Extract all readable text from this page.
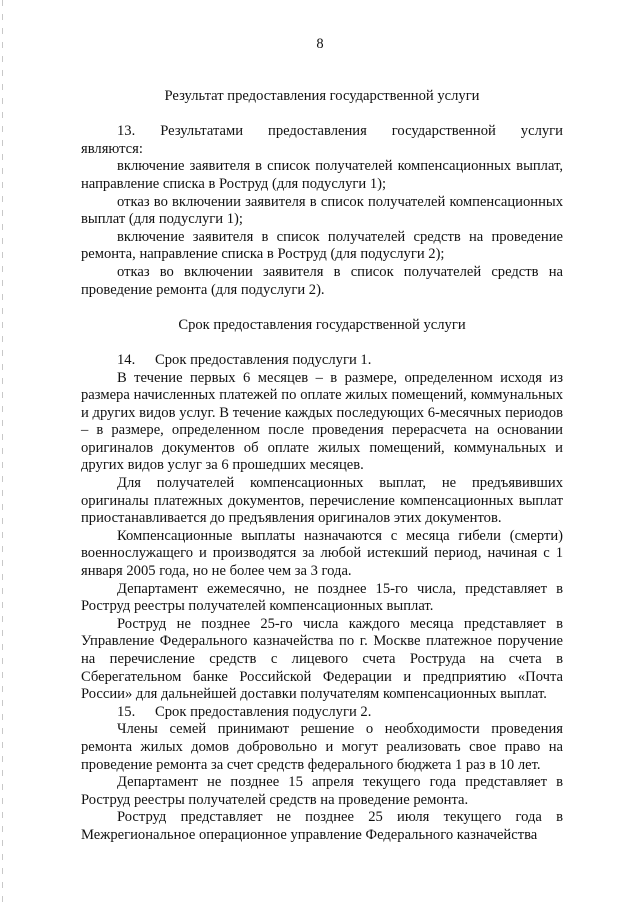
8

Результат предоставления государственной услуги

13. Результатами предоставления государственной услуги

являются:

включение заявителя в список получателей компенсационных выплат, направление списка в Роструд (для подуслуги 1);

отказ во включении заявителя в список получателей компенсационных выплат (для подуслуги 1);

включение заявителя в список получателей средств на проведение ремонта, направление списка в Роструд (для подуслуги 2);

отказ во включении заявителя в список получателей средств на проведение ремонта (для подуслуги 2).

Срок предоставления государственной услуги

14.	Срок предоставления подуслуги 1.

В течение первых 6 месяцев – в размере, определенном исходя из размера начисленных платежей по оплате жилых помещений, коммунальных и других видов услуг. В течение каждых последующих 6-месячных периодов – в размере, определенном после проведения перерасчета на основании оригиналов документов об оплате жилых помещений, коммунальных и других видов услуг за 6 прошедших месяцев.

Для получателей компенсационных выплат, не предъявивших оригиналы платежных документов, перечисление компенсационных выплат приостанавливается до предъявления оригиналов этих документов.

Компенсационные выплаты назначаются с месяца гибели (смерти) военнослужащего и производятся за любой истекший период, начиная с 1 января 2005 года, но не более чем за 3 года.

Департамент ежемесячно, не позднее 15-го числа, представляет в Роструд реестры получателей компенсационных выплат.

Роструд не позднее 25-го числа каждого месяца представляет в Управление Федерального казначейства по г. Москве платежное поручение на перечисление средств с лицевого счета Роструда на счета в Сберегательном банке Российской Федерации и предприятию «Почта России» для дальнейшей доставки получателям компенсационных выплат.

15.	Срок предоставления подуслуги 2.

Члены семей принимают решение о необходимости проведения ремонта жилых домов добровольно и могут реализовать свое право на проведение ремонта за счет средств федерального бюджета 1 раз в 10 лет.

Департамент не позднее 15 апреля текущего года представляет в Роструд реестры получателей средств на проведение ремонта.

Роструд представляет не позднее 25 июля текущего года в Межрегиональное операционное управление Федерального казначейства
